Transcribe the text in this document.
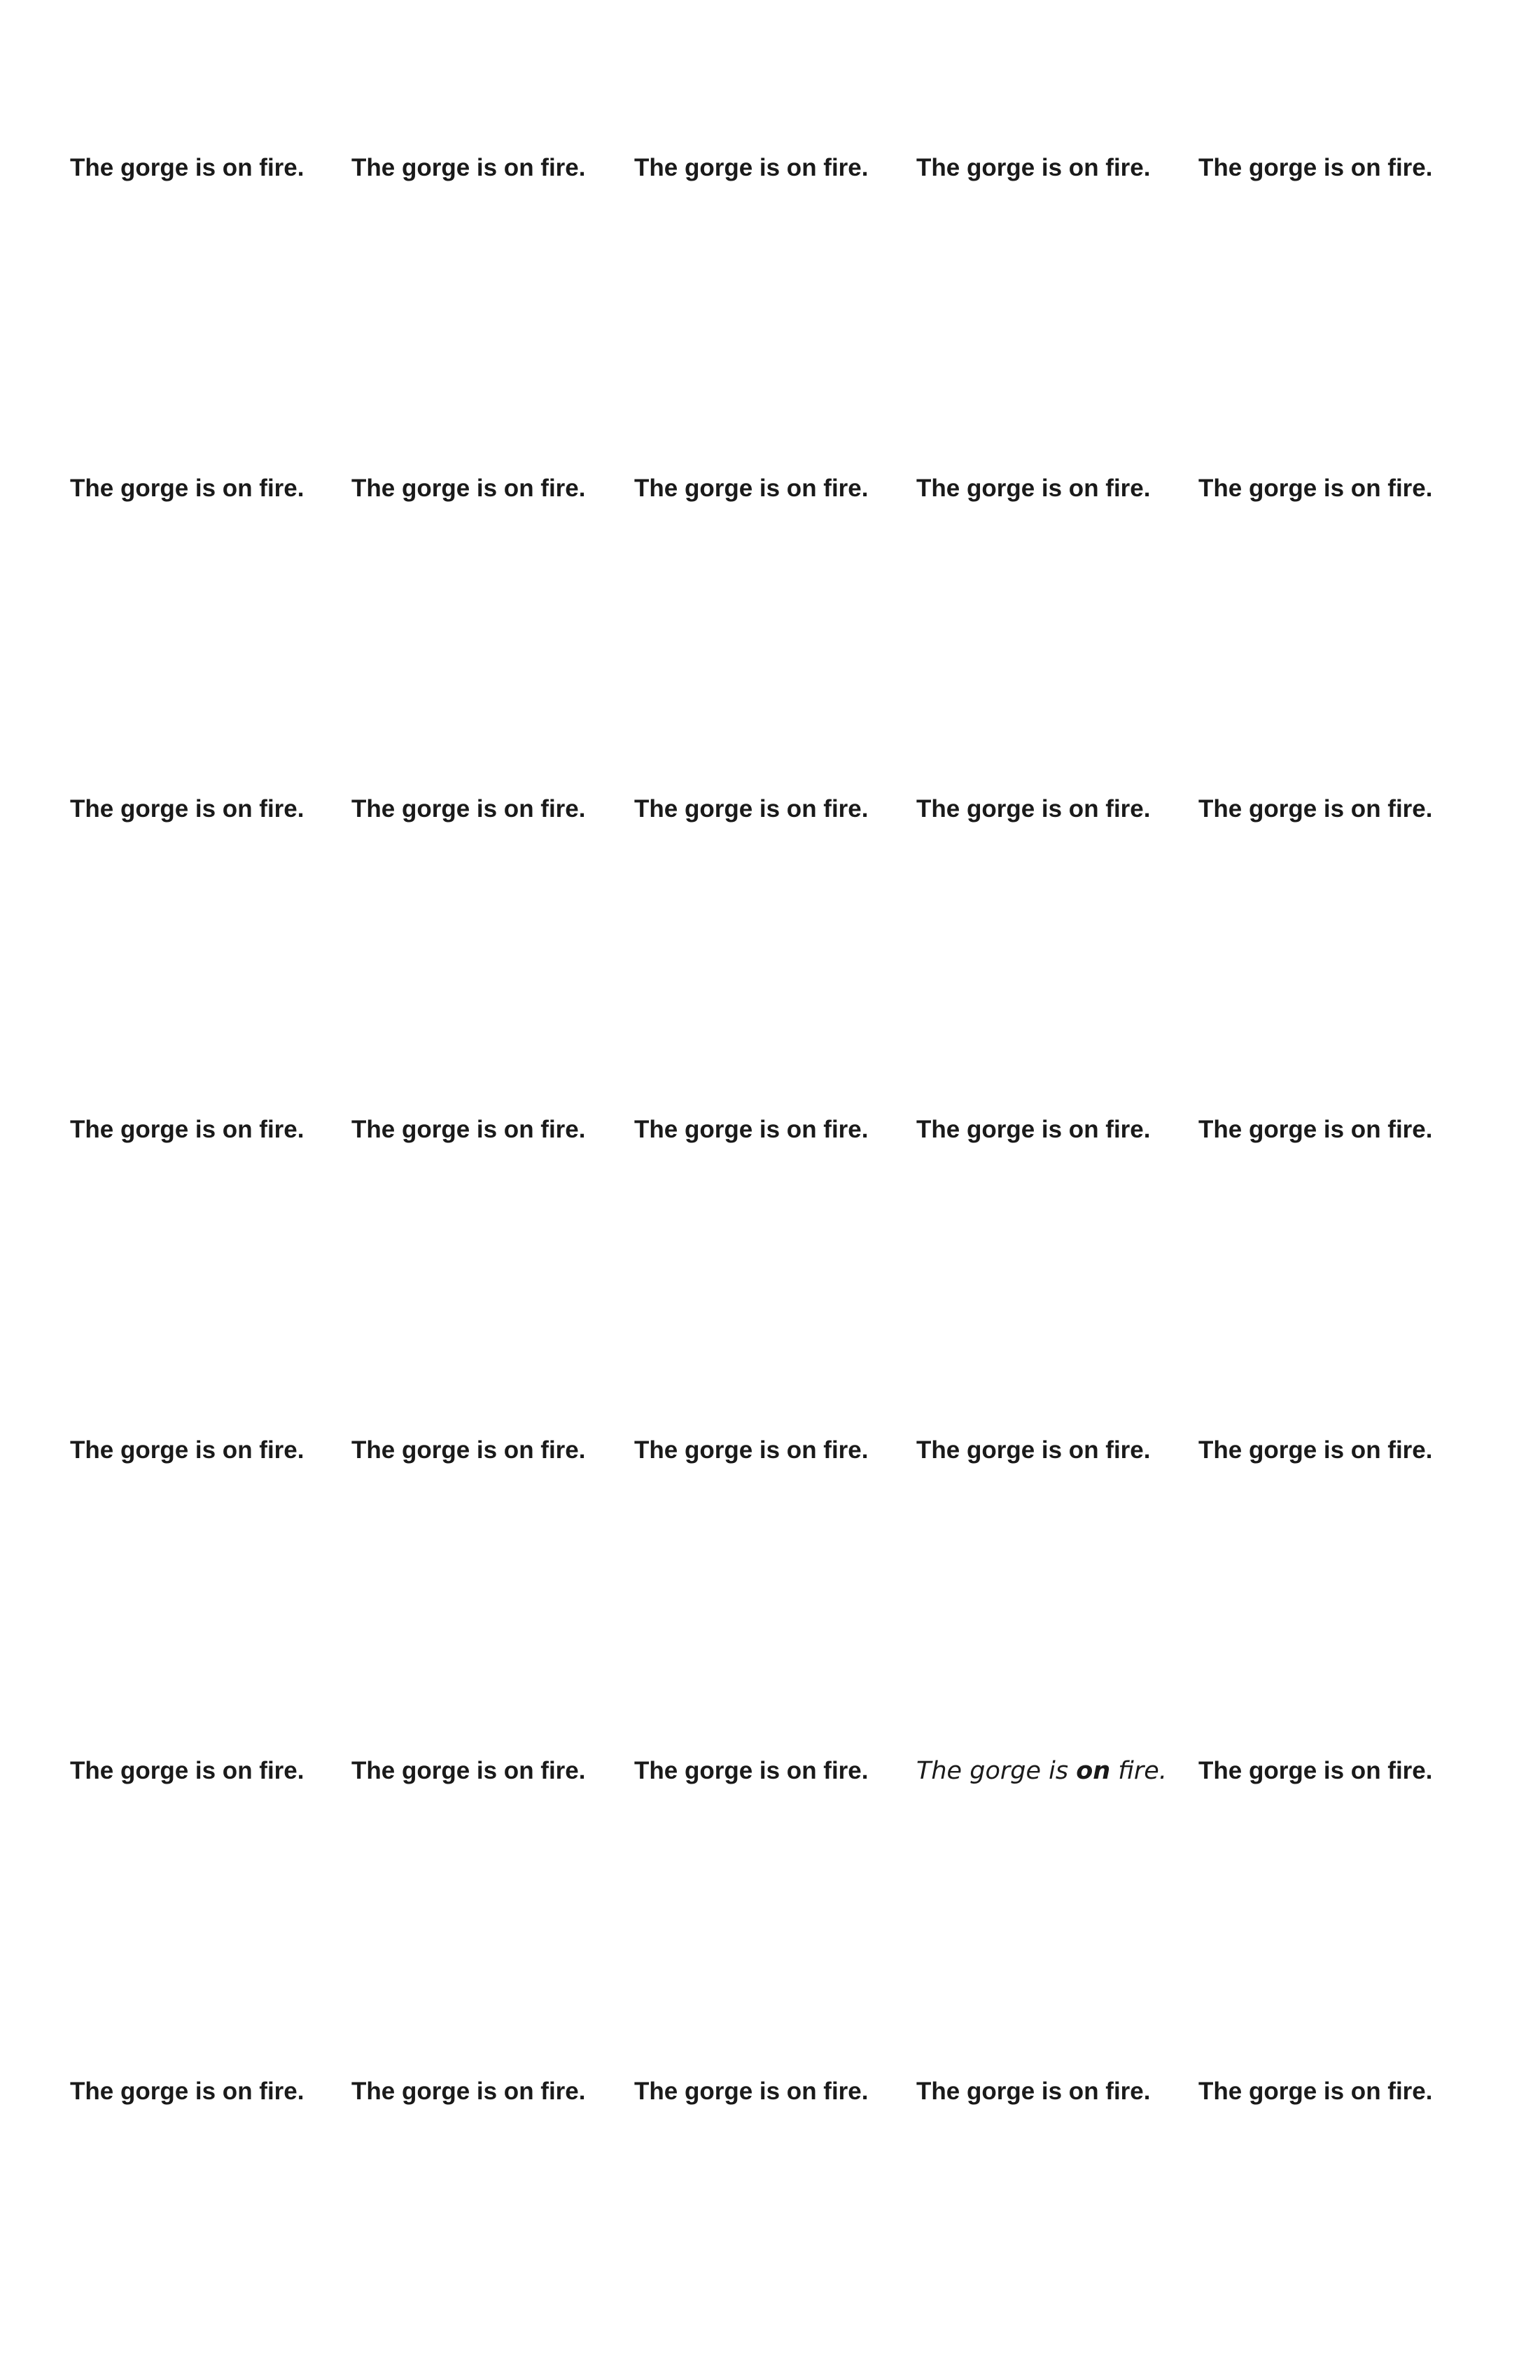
The gorge is on fire.	The gorge is on fire.	The gorge is on fire.	The gorge is on fire.	The gorge is on fire.
The gorge is on fire.	The gorge is on fire.	The gorge is on fire.	The gorge is on fire.	The gorge is on fire.
The gorge is on fire.	The gorge is on fire.	The gorge is on fire.	The gorge is on fire.	The gorge is on fire.
The gorge is on fire.	The gorge is on fire.	The gorge is on fire.	The gorge is on fire.	The gorge is on fire.
The gorge is on fire.	The gorge is on fire.	The gorge is on fire.	The gorge is on fire.	The gorge is on fire.
The gorge is on fire.	The gorge is on fire.	The gorge is on fire.	The gorge is on fire.	The gorge is on fire.
The gorge is on fire.	The gorge is on fire.	The gorge is on fire.	The gorge is on fire.	The gorge is on fire.
